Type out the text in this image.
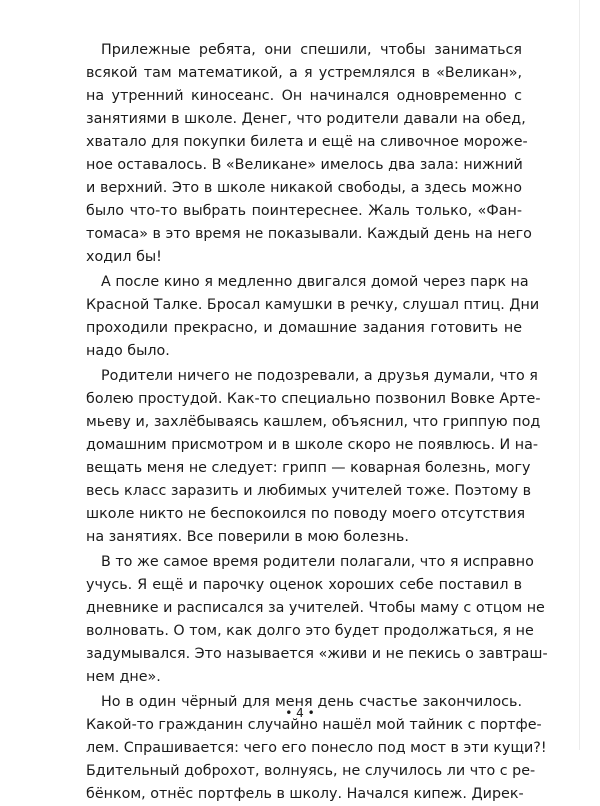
Прилежные ребята, они спешили, чтобы заниматься
всякой там математикой, а я устремлялся в «Великан»,
на утренний киносеанс. Он начинался одновременно с
занятиями в школе. Денег, что родители давали на обед,
хватало для покупки билета и ещё на сливочное мороже-
ное оставалось. В «Великане» имелось два зала: нижний
и верхний. Это в школе никакой свободы, а здесь можно
было что-то выбрать поинтереснее. Жаль только, «Фан-
томаса» в это время не показывали. Каждый день на него
ходил бы!
А после кино я медленно двигался домой через парк на
Красной Талке. Бросал камушки в речку, слушал птиц. Дни
проходили прекрасно, и домашние задания готовить не
надо было.
Родители ничего не подозревали, а друзья думали, что я
болею простудой. Как-то специально позвонил Вовке Арте-
мьеву и, захлёбываясь кашлем, объяснил, что гриппую под
домашним присмотром и в школе скоро не появлюсь. И на-
вещать меня не следует: грипп — коварная болезнь, могу
весь класс заразить и любимых учителей тоже. Поэтому в
школе никто не беспокоился по поводу моего отсутствия
на занятиях. Все поверили в мою болезнь.
В то же самое время родители полагали, что я исправно
учусь. Я ещё и парочку оценок хороших себе поставил в
дневнике и расписался за учителей. Чтобы маму с отцом не
волновать. О том, как долго это будет продолжаться, я не
задумывался. Это называется «живи и не пекись о завтраш-
нем дне».
Но в один чёрный для меня день счастье закончилось.
Какой-то гражданин случайно нашёл мой тайник с портфе-
лем. Спрашивается: чего его понесло под мост в эти кущи?!
Бдительный доброхот, волнуясь, не случилось ли что с ре-
бёнком, отнёс портфель в школу. Начался кипеж. Дирек-
• 4 •
